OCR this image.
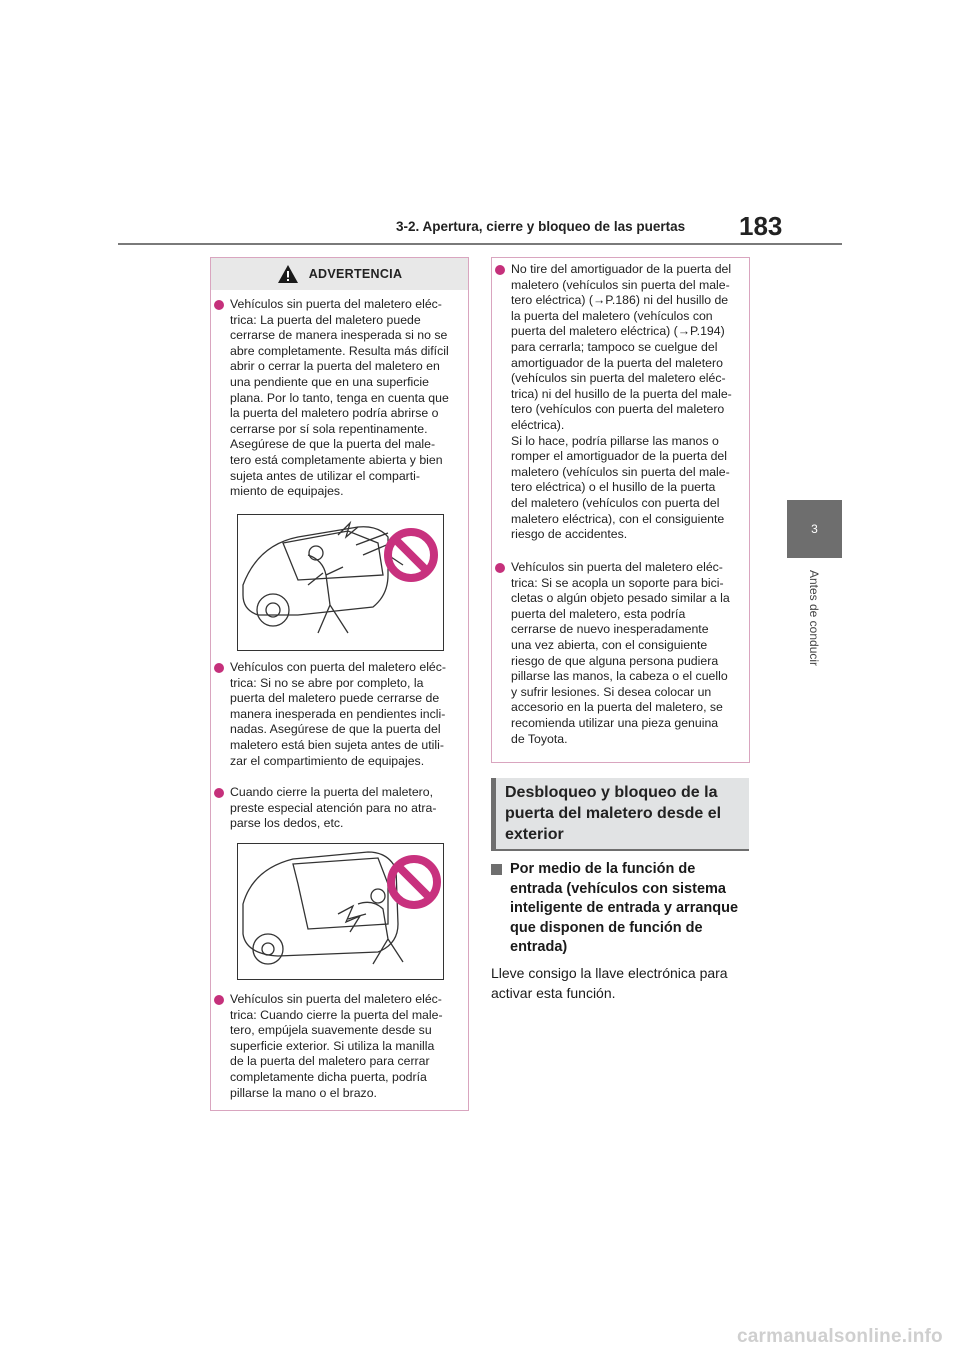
3-2. Apertura, cierre y bloqueo de las puertas 183
3
Antes de conducir
ADVERTENCIA
Vehículos sin puerta del maletero eléc-
trica: La puerta del maletero puede
cerrarse de manera inesperada si no se
abre completamente. Resulta más difícil
abrir o cerrar la puerta del maletero en
una pendiente que en una superficie
plana. Por lo tanto, tenga en cuenta que
la puerta del maletero podría abrirse o
cerrarse por sí sola repentinamente.
Asegúrese de que la puerta del male-
tero está completamente abierta y bien
sujeta antes de utilizar el comparti-
miento de equipajes.
Vehículos con puerta del maletero eléc-
trica: Si no se abre por completo, la
puerta del maletero puede cerrarse de
manera inesperada en pendientes incli-
nadas. Asegúrese de que la puerta del
maletero está bien sujeta antes de utili-
zar el compartimiento de equipajes.
Cuando cierre la puerta del maletero,
preste especial atención para no atra-
parse los dedos, etc.
Vehículos sin puerta del maletero eléc-
trica: Cuando cierre la puerta del male-
tero, empújela suavemente desde su
superficie exterior. Si utiliza la manilla
de la puerta del maletero para cerrar
completamente dicha puerta, podría
pillarse la mano o el brazo.
No tire del amortiguador de la puerta del
maletero (vehículos sin puerta del male-
tero eléctrica) (→P.186) ni del husillo de
la puerta del maletero (vehículos con
puerta del maletero eléctrica) (→P.194)
para cerrarla; tampoco se cuelgue del
amortiguador de la puerta del maletero
(vehículos sin puerta del maletero eléc-
trica) ni del husillo de la puerta del male-
tero (vehículos con puerta del maletero
eléctrica).
Si lo hace, podría pillarse las manos o
romper el amortiguador de la puerta del
maletero (vehículos sin puerta del male-
tero eléctrica) o el husillo de la puerta
del maletero (vehículos con puerta del
maletero eléctrica), con el consiguiente
riesgo de accidentes.
Vehículos sin puerta del maletero eléc-
trica: Si se acopla un soporte para bici-
cletas o algún objeto pesado similar a la
puerta del maletero, esta podría
cerrarse de nuevo inesperadamente
una vez abierta, con el consiguiente
riesgo de que alguna persona pudiera
pillarse las manos, la cabeza o el cuello
y sufrir lesiones. Si desea colocar un
accesorio en la puerta del maletero, se
recomienda utilizar una pieza genuina
de Toyota.
Desbloqueo y bloqueo de la
puerta del maletero desde el
exterior
Por medio de la función de
entrada (vehículos con sistema
inteligente de entrada y arranque
que disponen de función de
entrada)
Lleve consigo la llave electrónica para
activar esta función.
carmanualsonline.info
